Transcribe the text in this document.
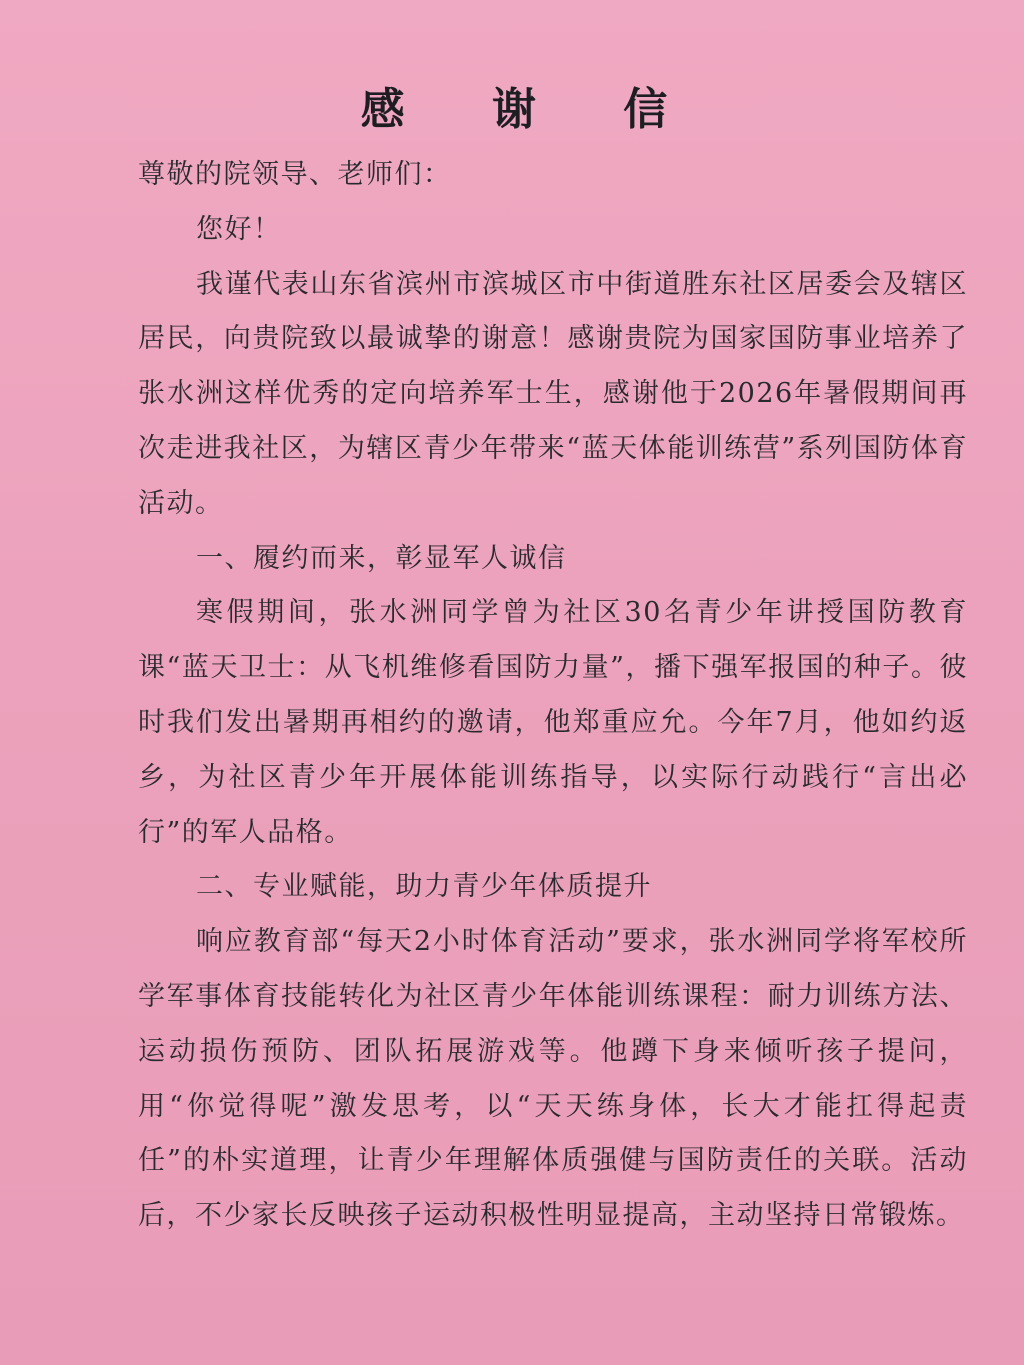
感 谢 信

尊敬的院领导、老师们：

您好！

我谨代表山东省滨州市滨城区市中街道胜东社区居委会及辖区居民，向贵院致以最诚挚的谢意！感谢贵院为国家国防事业培养了张水洲这样优秀的定向培养军士生，感谢他于2026年暑假期间再次走进我社区，为辖区青少年带来“蓝天体能训练营”系列国防体育活动。

一、履约而来，彰显军人诚信

寒假期间，张水洲同学曾为社区30名青少年讲授国防教育课“蓝天卫士：从飞机维修看国防力量”，播下强军报国的种子。彼时我们发出暑期再相约的邀请，他郑重应允。今年7月，他如约返乡，为社区青少年开展体能训练指导，以实际行动践行“言出必行”的军人品格。

二、专业赋能，助力青少年体质提升

响应教育部“每天2小时体育活动”要求，张水洲同学将军校所学军事体育技能转化为社区青少年体能训练课程：耐力训练方法、运动损伤预防、团队拓展游戏等。他蹲下身来倾听孩子提问，用“你觉得呢”激发思考，以“天天练身体，长大才能扛得起责任”的朴实道理，让青少年理解体质强健与国防责任的关联。活动后，不少家长反映孩子运动积极性明显提高，主动坚持日常锻炼。
